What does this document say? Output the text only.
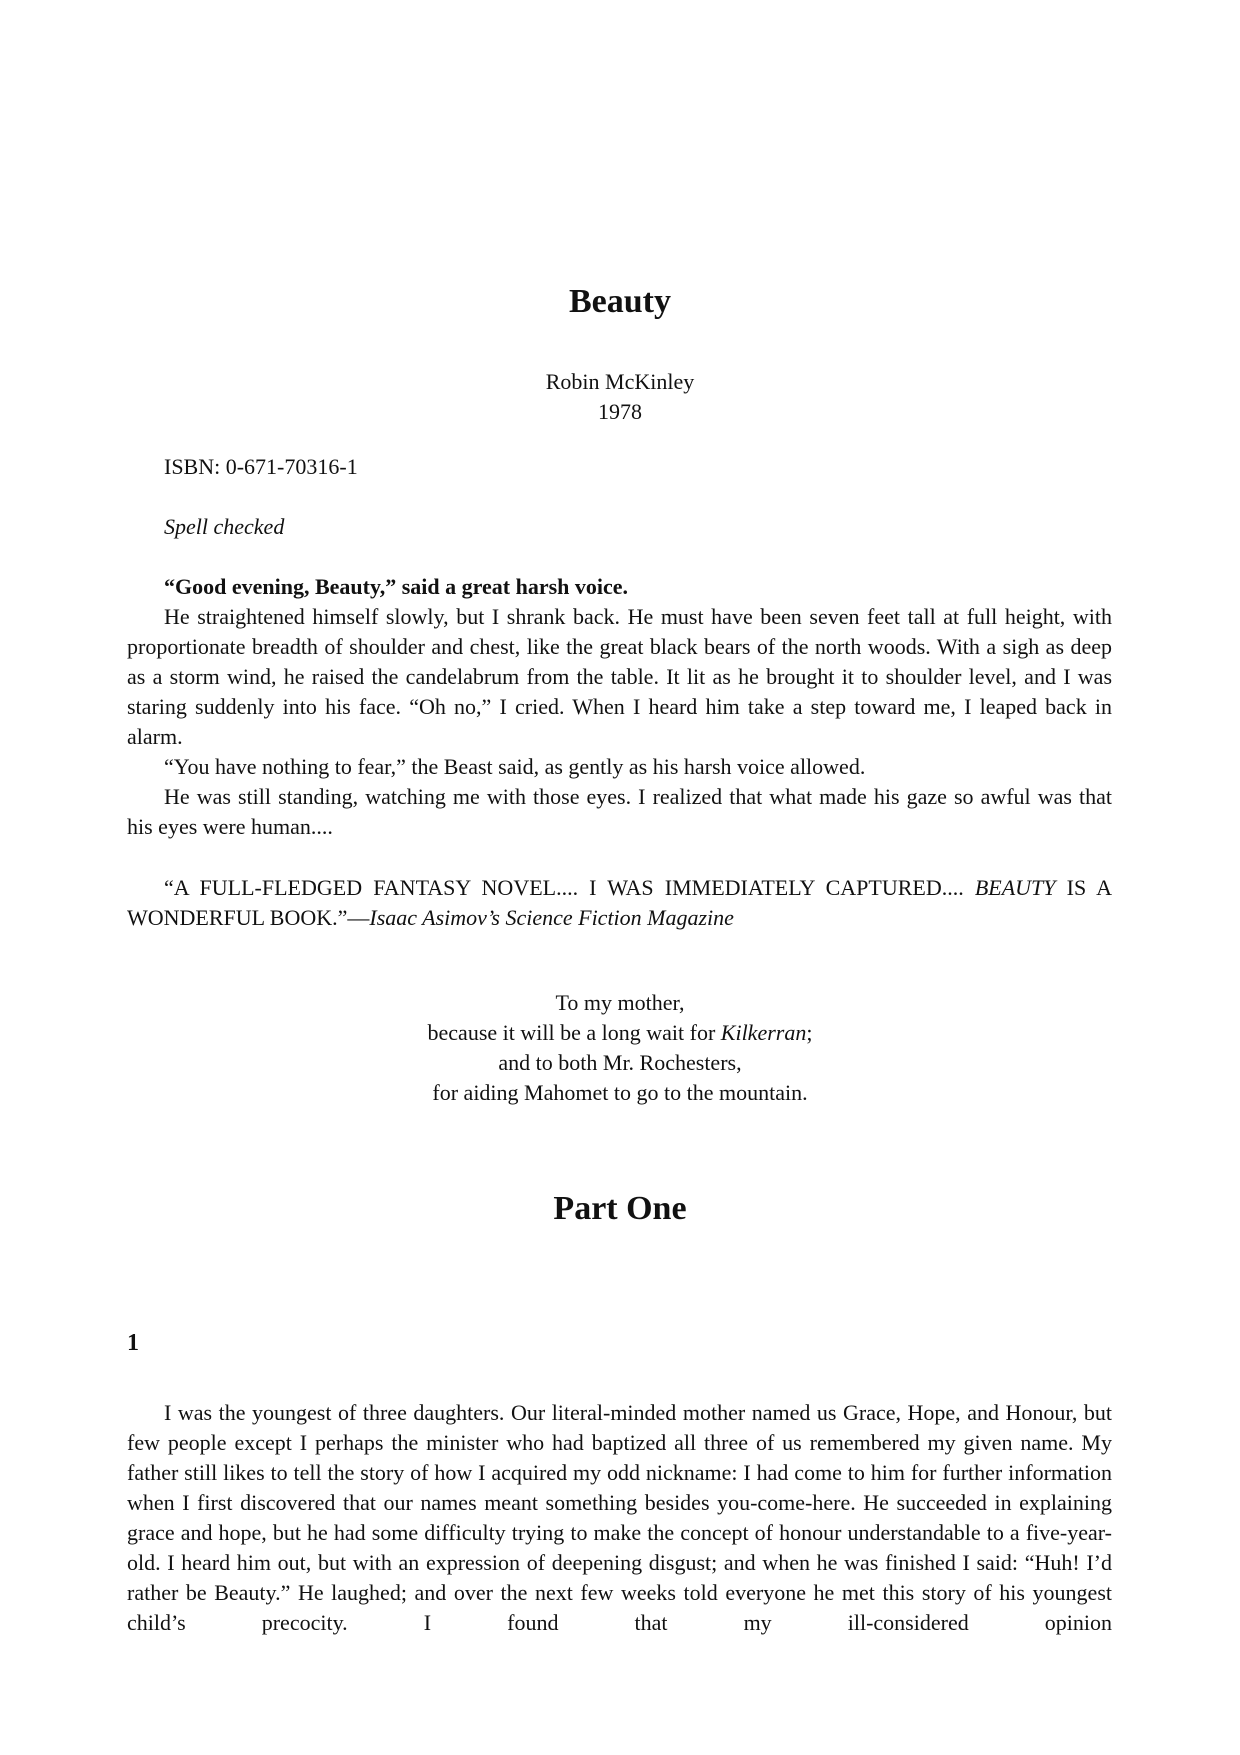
Beauty
Robin McKinley
1978

ISBN: 0-671-70316-1

Spell checked

“Good evening, Beauty,” said a great harsh voice.

He straightened himself slowly, but I shrank back. He must have been seven feet tall at full height, with proportionate breadth of shoulder and chest, like the great black bears of the north woods. With a sigh as deep as a storm wind, he raised the candelabrum from the table. It lit as he brought it to shoulder level, and I was staring suddenly into his face. “Oh no,” I cried. When I heard him take a step toward me, I leaped back in alarm.

“You have nothing to fear,” the Beast said, as gently as his harsh voice allowed.

He was still standing, watching me with those eyes. I realized that what made his gaze so awful was that his eyes were human....

“A FULL-FLEDGED FANTASY NOVEL.... I WAS IMMEDIATELY CAPTURED.... BEAUTY IS A WONDERFUL BOOK.”—Isaac Asimov’s Science Fiction Magazine

To my mother,
because it will be a long wait for Kilkerran;
and to both Mr. Rochesters,
for aiding Mahomet to go to the mountain.
Part One
1

I was the youngest of three daughters. Our literal-minded mother named us Grace, Hope, and Honour, but few people except I perhaps the minister who had baptized all three of us remembered my given name. My father still likes to tell the story of how I acquired my odd nickname: I had come to him for further information when I first discovered that our names meant something besides you-come-here. He succeeded in explaining grace and hope, but he had some difficulty trying to make the concept of honour understandable to a five-year-old. I heard him out, but with an expression of deepening disgust; and when he was finished I said: “Huh! I’d rather be Beauty.” He laughed; and over the next few weeks told everyone he met this story of his youngest child’s precocity. I found that my ill-considered opinion
